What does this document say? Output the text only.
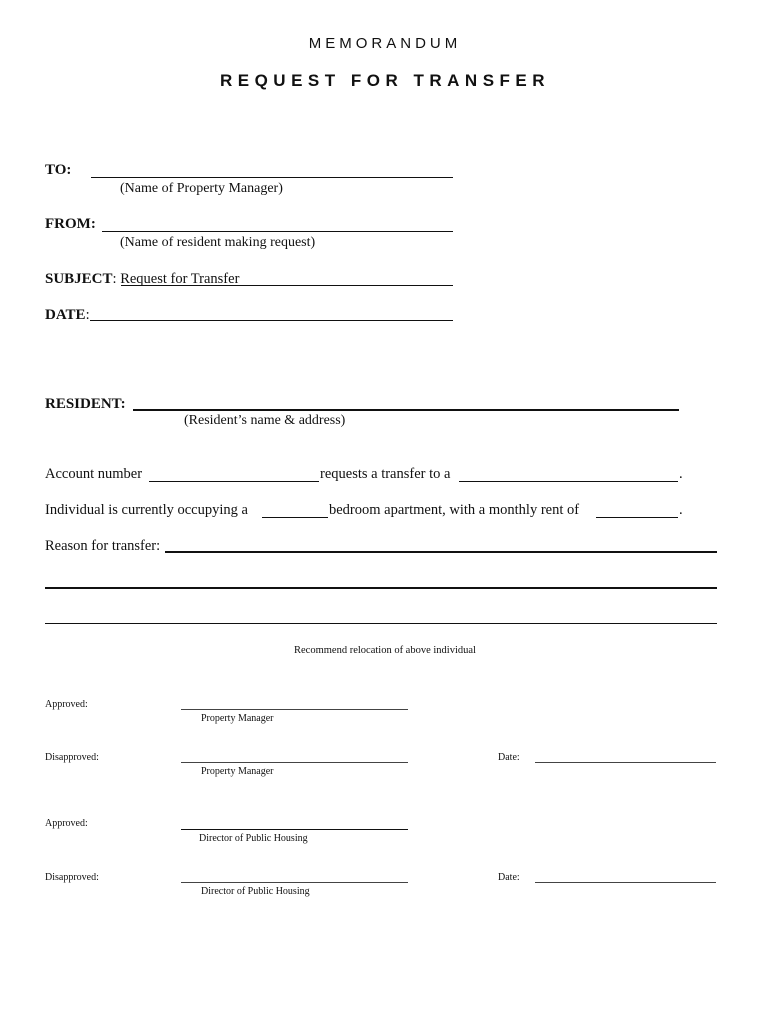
MEMORANDUM
REQUEST FOR TRANSFER
TO:
(Name of Property Manager)
FROM:
(Name of resident making request)
SUBJECT: Request for Transfer
DATE:
RESIDENT:
(Resident’s name & address)
Account number	requests a transfer to a	.
Individual is currently occupying a	bedroom apartment, with a monthly rent of	.
Reason for transfer:
Recommend relocation of above individual
Approved:
Property Manager
Disapproved:
Property Manager
Date:
Approved:
Director of Public Housing
Disapproved:
Director of Public Housing
Date:
